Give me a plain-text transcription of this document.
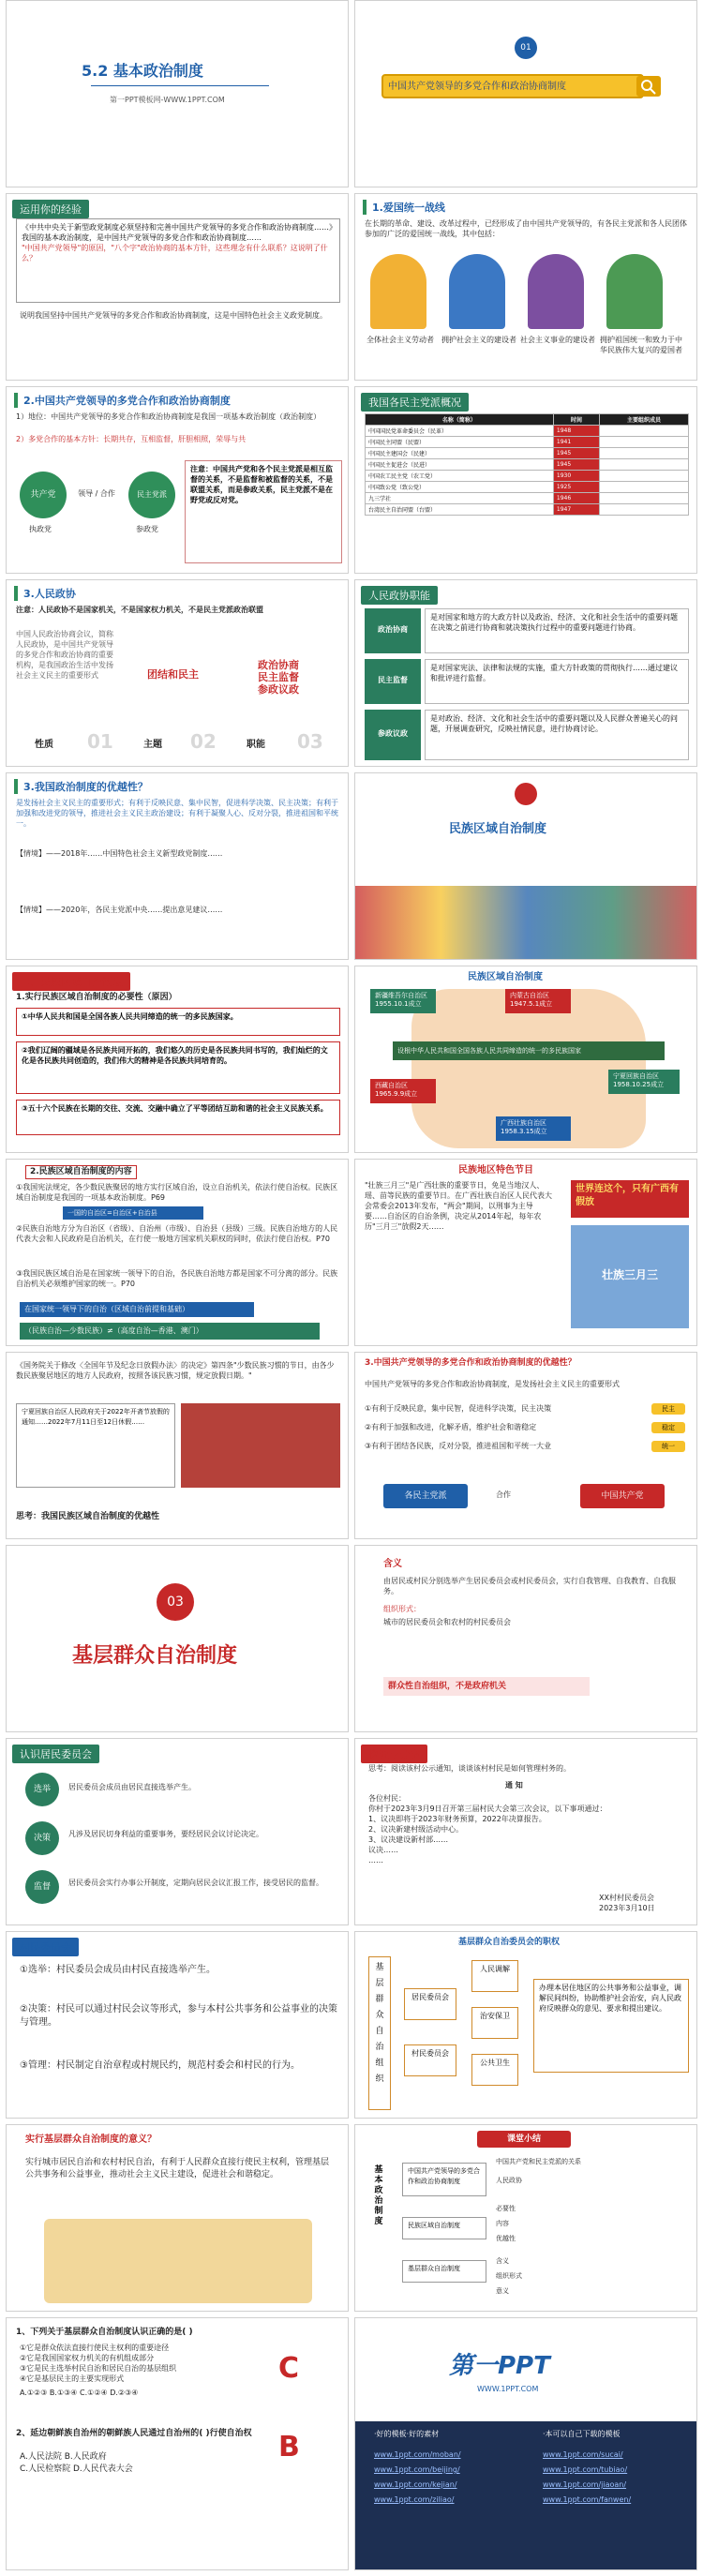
5.2 基本政治制度
第一PPT模板网-WWW.1PPT.COM
01
中国共产党领导的多党合作和政治协商制度
运用你的经验
《中共中央关于新型政党制度必须坚持和完善中国共产党领导的多党合作和政治协商制度……》我国的基本政治制度，是中国共产党领导的多党合作和政治协商制度……
"中国共产党领导"的原因，"八个字"政治协商的基本方针，这些理念有什么联系？这说明了什么？
说明我国坚持中国共产党领导的多党合作和政治协商制度，这是中国特色社会主义政党制度。
1.爱国统一战线
在长期的革命、建设、改革过程中，已经形成了由中国共产党领导的，有各民主党派和各人民团体参加的广泛的爱国统一战线，其中包括：
全体社会主义劳动者	拥护社会主义的建设者 社会主义事业的建设者 拥护祖国统一和致力于中华民族伟大复兴的爱国者
2.中国共产党领导的多党合作和政治协商制度
1）地位：中国共产党领导的多党合作和政治协商制度是我国一项基本政治制度（政治制度）
2）多党合作的基本方针：长期共存，互相监督，肝胆相照，荣辱与共
共产党
执政党
领导 / 合作	民主党派
参政党
注意：中国共产党和各个民主党派是相互监督的关系，不是监督和被监督的关系，不是联盟关系，而是参政关系，民主党派不是在野党或反对党。
我国各民主党派概况
名称（简称）	时间	主要组织成员
中国国民党革命委员会（民革）	1948	
中国民主同盟（民盟）	1941	
中国民主建国会（民建）	1945	
中国民主促进会（民进）	1945	
中国农工民主党（农工党）	1930	
中国致公党（致公党）	1925	
九三学社	1946	
台湾民主自治同盟（台盟）	1947	
3.人民政协
注意：人民政协不是国家机关，不是国家权力机关，不是民主党派政治联盟
中国人民政治协商会议，简称人民政协，是中国共产党领导的多党合作和政治协商的重要机构，是我国政治生活中发扬社会主义民主的重要形式	团结和民主
政治协商
民主监督
参政议政
性质 01	主题 02	职能 03
人民政协职能
政治协商
是对国家和地方的大政方针以及政治、经济、文化和社会生活中的重要问题在决策之前进行协商和就决策执行过程中的重要问题进行协商。
民主监督
是对国家宪法、法律和法规的实施，重大方针政策的贯彻执行……通过建议和批评进行监督。
参政议政
是对政治、经济、文化和社会生活中的重要问题以及人民群众普遍关心的问题，开展调查研究，反映社情民意，进行协商讨论。
3.我国政治制度的优越性？
是发扬社会主义民主的重要形式；有利于反映民意、集中民智，促进科学决策、民主决策；有利于加强和改进党的领导，推进社会主义民主政治建设；有利于凝聚人心、反对分裂，推进祖国和平统一。
【情境】——2018年……中国特色社会主义新型政党制度……
【情境】——2020年，各民主党派中央……提出意见建议……
民族区域自治制度
二、民族区域自治制度
1.实行民族区域自治制度的必要性（原因）
①中华人民共和国是全国各族人民共同缔造的统一的多民族国家。
②我们辽阔的疆域是各民族共同开拓的，我们悠久的历史是各民族共同书写的，我们灿烂的文化是各民族共同创造的，我们伟大的精神是各民族共同培育的。
③五十六个民族在长期的交往、交流、交融中确立了平等团结互助和谐的社会主义民族关系。
民族区域自治制度
新疆维吾尔自治区
1955.10.1成立
内蒙古自治区
1947.5.1成立
宁夏回族自治区
1958.10.25成立
西藏自治区
1965.9.9成立
广西壮族自治区
1958.3.15成立
设根中华人民共和国全国各族人民共同缔造的统一的多民族国家
2.民族区域自治制度的内容
①我国宪法规定，各少数民族聚居的地方实行区域自治，设立自治机关，依法行使自治权。民族区域自治制度是我国的一项基本政治制度。P69
一国的自治区=自治区+自治县
②民族自治地方分为自治区（省级）、自治州（市级）、自治县（县级）三级。民族自治地方的人民代表大会和人民政府是自治机关，在行使一般地方国家机关职权的同时，依法行使自治权。P70
③我国民族区域自治是在国家统一领导下的自治，各民族自治地方都是国家不可分离的部分。民族自治机关必须维护国家的统一。P70
在国家统一领导下的自治（区域自治前提和基础）
（民族自治—少数民族）≠（高度自治—香港、澳门）
民族地区特色节目
"壮族三月三"是广西壮族的重要节日，免是当地汉人、瑶、苗等民族的重要节日。在广西壮族自治区人民代表大会常委会2013年发布，"两会"期间，以刑事为主导要……自治区的自治条例，决定从2014年起，每年农历"三月三"放假2天……
世界连这个，只有广西有假放
壮族三月三
《国务院关于修改〈全国年节及纪念日放假办法〉的决定》第四条"少数民族习惯的节日，由各少数民族聚居地区的地方人民政府，按照各该民族习惯，规定放假日期。"
宁夏回族自治区人民政府关于2022年开斋节放假的通知……2022年7月11日至12日休假……
思考：我国民族区域自治制度的优越性
3.中国共产党领导的多党合作和政治协商制度的优越性？
中国共产党领导的多党合作和政治协商制度，是发扬社会主义民主的重要形式
①有利于反映民意，集中民智，促进科学决策，民主决策	民主
②有利于加强和改进，化解矛盾，维护社会和谐稳定	稳定
③有利于团结各民族，反对分裂，推进祖国和平统一大业	统一
各民主党派	合作	中国共产党
03
基层群众自治制度
含义
由居民或村民分别选举产生居民委员会或村民委员会，实行自我管理、自我教育、自我服务。
组织形式：
城市的居民委员会和农村的村民委员会
群众性自治组织，不是政府机关
认识居民委员会
选举	居民委员会成员由居民直接选举产生。
决策	凡涉及居民切身利益的重要事务，要经居民会议讨论决定。
监督	居民委员会实行办事公开制度，定期向居民会议汇报工作，接受居民的监督。
探究与分享
思考：阅读该村公示通知，谈谈该村村民是如何管理村务的。
通 知
各位村民：
你村于2023年3月9日召开第三届村民大会第三次会议，以下事项通过：
1、议决即将于2023年财务预算，2022年决算报告。
2、议决新建村级活动中心。
3、议决建设新村部……
议决……
……
XX村村民委员会
2023年3月10日
村民委员会
①选举：村民委员会成员由村民直接选举产生。
②决策：村民可以通过村民会议等形式，参与本村公共事务和公益事业的决策与管理。
③管理：村民制定自治章程或村规民约，规范村委会和村民的行为。
基层群众自治委员会的职权
基
层
群
众
自
治
组
织
居民委员会
村民委员会
人民调解
治安保卫
公共卫生
办理本居住地区的公共事务和公益事业，调解民间纠纷，协助维护社会治安，向人民政府反映群众的意见、要求和提出建议。
实行基层群众自治制度的意义？
实行城市居民自治和农村村民自治，有利于人民群众直接行使民主权利，管理基层公共事务和公益事业，推动社会主义民主建设，促进社会和谐稳定。
课堂小结
基本政治制度
中国共产党领导的多党合作和政治协商制度
民族区域自治制度
基层群众自治制度
中国共产党和民主党派的关系
人民政协
必要性
内容
优越性
含义
组织形式
意义
1、下列关于基层群众自治制度认识正确的是( )
①它是群众依法直接行使民主权利的重要途径
②它是我国国家权力机关的有机组成部分
③它是民主选举村民自治和居民自治的基层组织
④它是基层民主的主要实现形式
A.①②③ B.①③④ C.①②④ D.②③④
C
2、延边朝鲜族自治州的朝鲜族人民通过自治州的( )行使自治权
A.人民法院 B.人民政府
C.人民检察院 D.人民代表大会
B
第一PPT
WWW.1PPT.COM
·好的模板·好的素材	·本可以自己下载的模板
www.1ppt.com/moban/	www.1ppt.com/sucai/
www.1ppt.com/beijing/	www.1ppt.com/tubiao/
www.1ppt.com/kejian/	www.1ppt.com/jiaoan/
www.1ppt.com/ziliao/	www.1ppt.com/fanwen/
